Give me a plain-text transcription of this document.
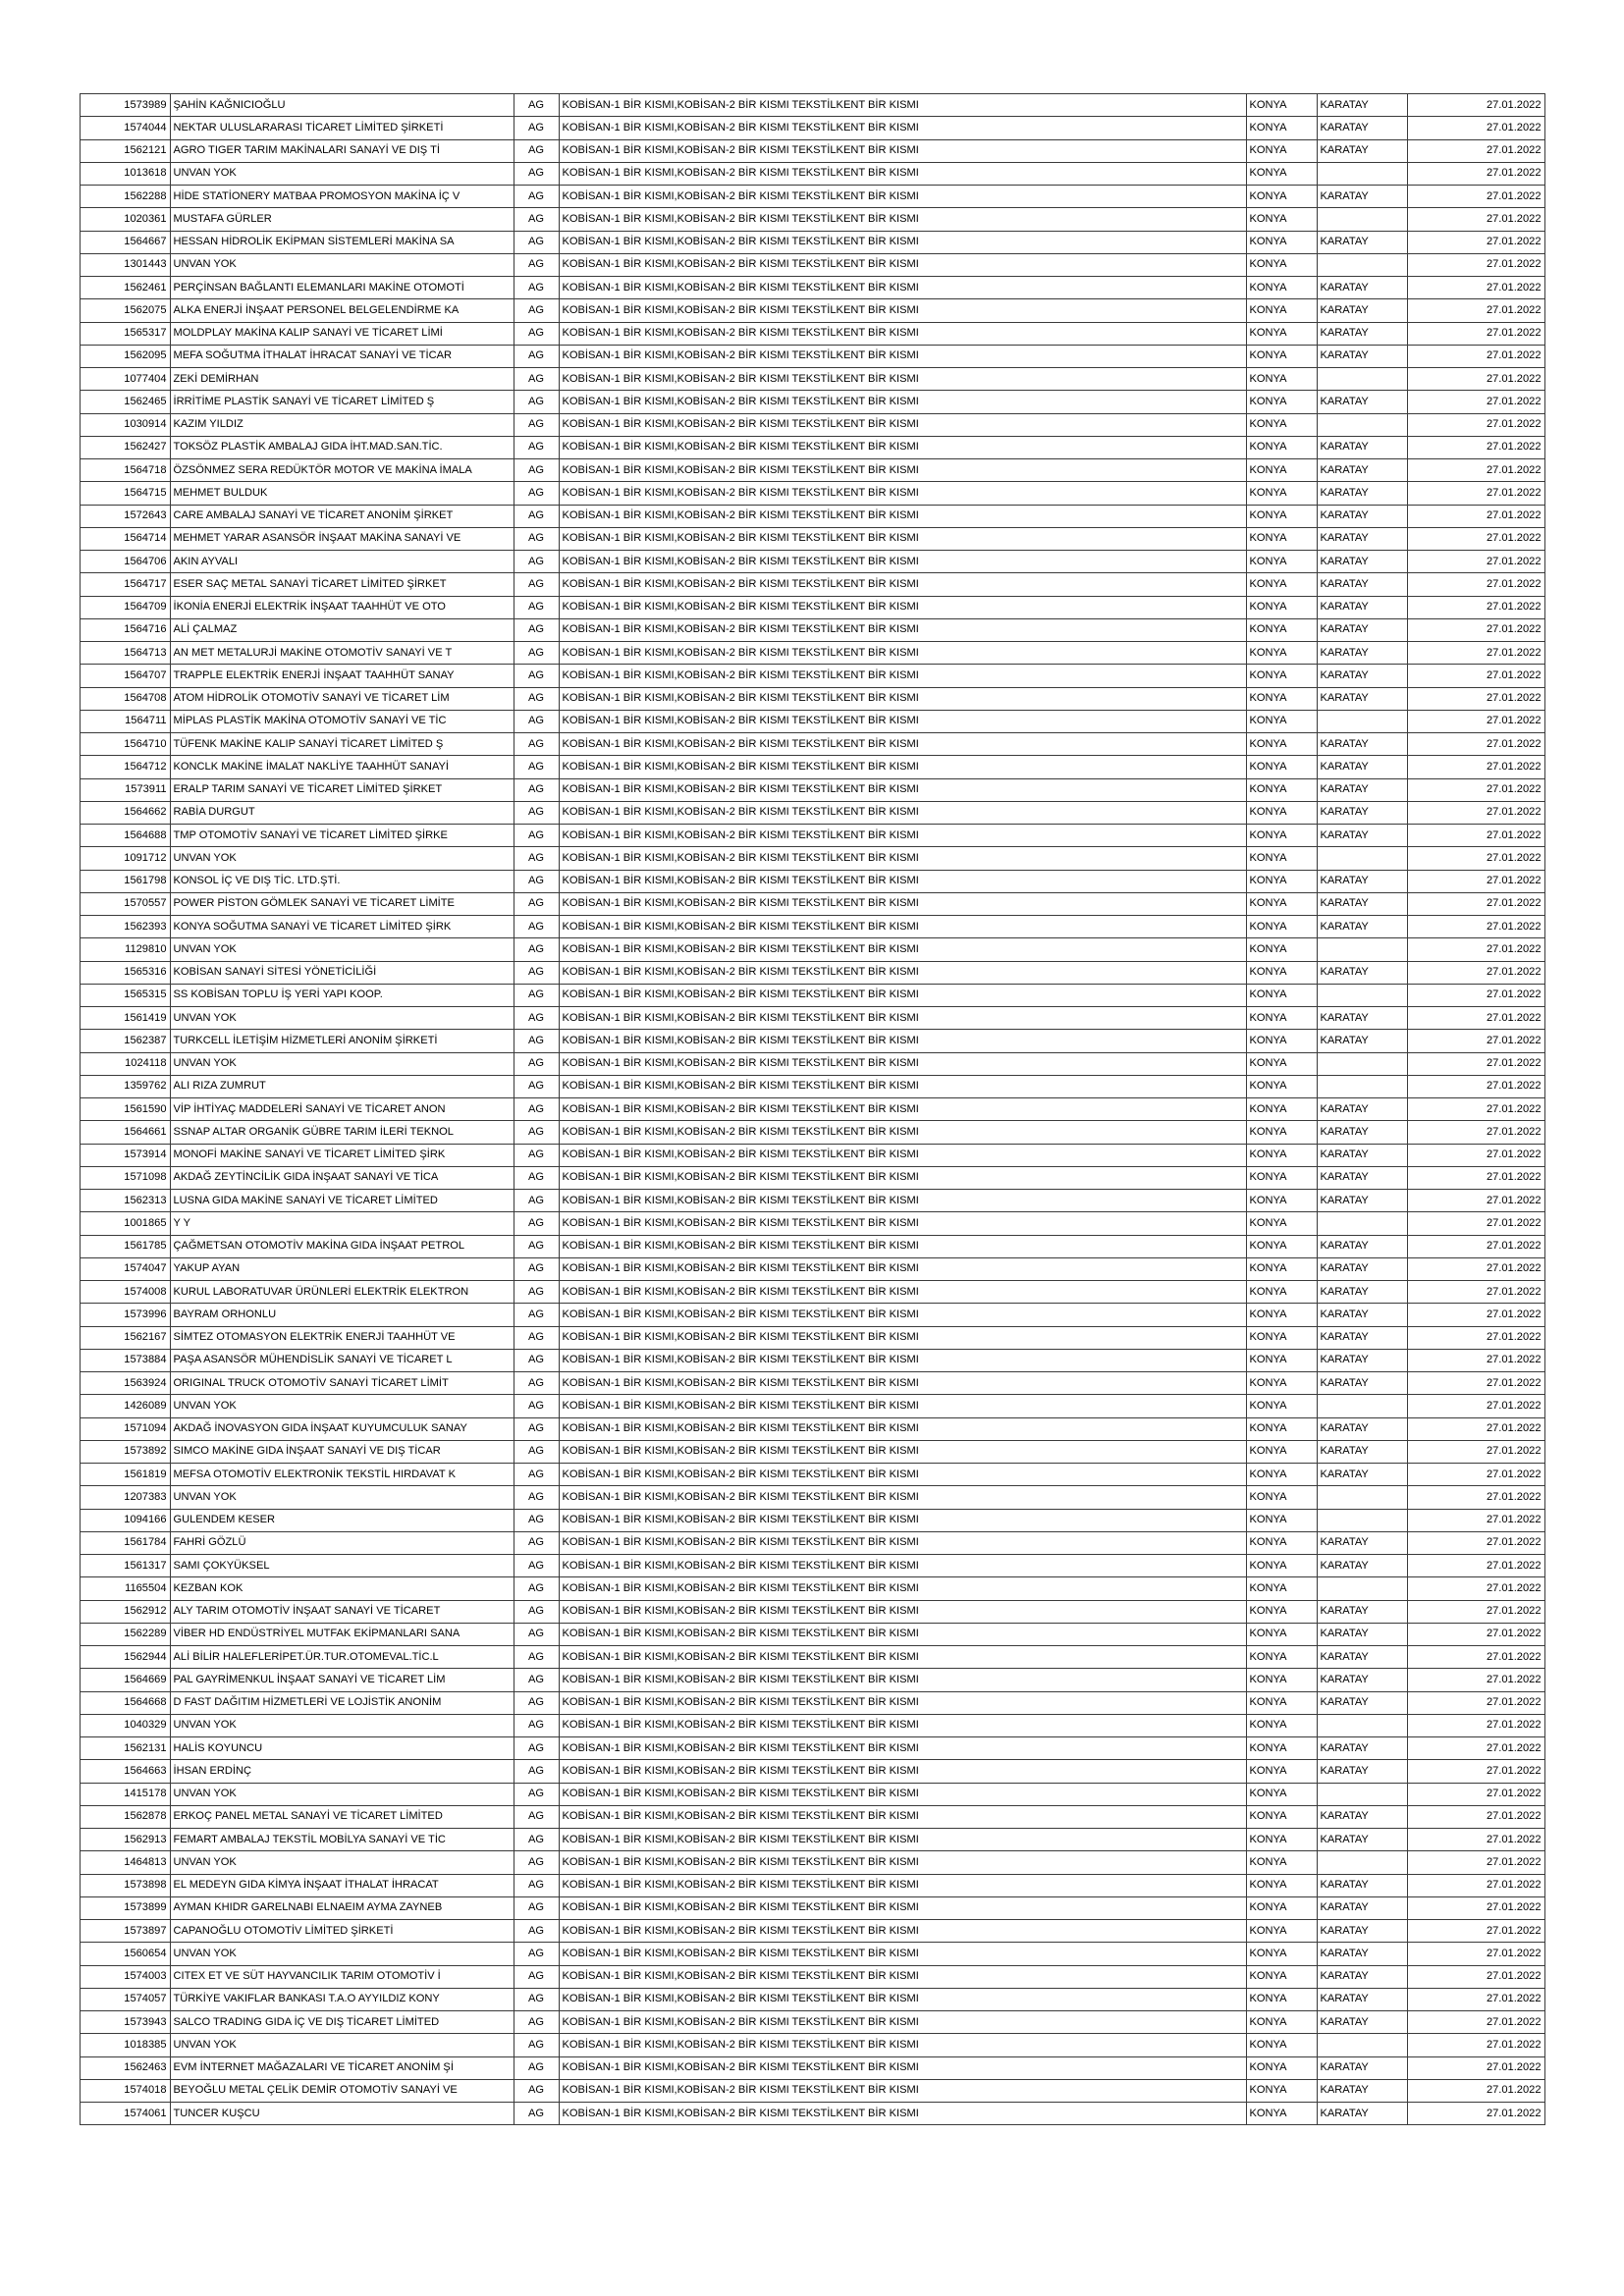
1573989	ŞAHİN KAĞNICIOĞLU	AG	KOBİSAN-1 BİR KISMI,KOBİSAN-2 BİR KISMI TEKSTİLKENT BİR KISMI	KONYA	KARATAY	27.01.2022
1574044	NEKTAR ULUSLARARASI TİCARET LİMİTED ŞİRKETİ	AG	KOBİSAN-1 BİR KISMI,KOBİSAN-2 BİR KISMI TEKSTİLKENT BİR KISMI	KONYA	KARATAY	27.01.2022
1562121	AGRO TIGER TARIM MAKİNALARI SANAYİ VE DIŞ Tİ	AG	KOBİSAN-1 BİR KISMI,KOBİSAN-2 BİR KISMI TEKSTİLKENT BİR KISMI	KONYA	KARATAY	27.01.2022
1013618	UNVAN YOK	AG	KOBİSAN-1 BİR KISMI,KOBİSAN-2 BİR KISMI TEKSTİLKENT BİR KISMI	KONYA		27.01.2022
1562288	HİDE STATİONERY MATBAA PROMOSYON MAKİNA İÇ V	AG	KOBİSAN-1 BİR KISMI,KOBİSAN-2 BİR KISMI TEKSTİLKENT BİR KISMI	KONYA	KARATAY	27.01.2022
1020361	MUSTAFA GÜRLER	AG	KOBİSAN-1 BİR KISMI,KOBİSAN-2 BİR KISMI TEKSTİLKENT BİR KISMI	KONYA		27.01.2022
1564667	HESSAN HİDROLİK EKİPMAN SİSTEMLERİ MAKİNA SA	AG	KOBİSAN-1 BİR KISMI,KOBİSAN-2 BİR KISMI TEKSTİLKENT BİR KISMI	KONYA	KARATAY	27.01.2022
1301443	UNVAN YOK	AG	KOBİSAN-1 BİR KISMI,KOBİSAN-2 BİR KISMI TEKSTİLKENT BİR KISMI	KONYA		27.01.2022
1562461	PERÇİNSAN BAĞLANTI ELEMANLARI MAKİNE OTOMOTİ	AG	KOBİSAN-1 BİR KISMI,KOBİSAN-2 BİR KISMI TEKSTİLKENT BİR KISMI	KONYA	KARATAY	27.01.2022
1562075	ALKA ENERJİ İNŞAAT PERSONEL BELGELENDİRME KA	AG	KOBİSAN-1 BİR KISMI,KOBİSAN-2 BİR KISMI TEKSTİLKENT BİR KISMI	KONYA	KARATAY	27.01.2022
1565317	MOLDPLAY MAKİNA KALIP SANAYİ VE TİCARET LİMİ	AG	KOBİSAN-1 BİR KISMI,KOBİSAN-2 BİR KISMI TEKSTİLKENT BİR KISMI	KONYA	KARATAY	27.01.2022
1562095	MEFA SOĞUTMA İTHALAT İHRACAT SANAYİ VE TİCAR	AG	KOBİSAN-1 BİR KISMI,KOBİSAN-2 BİR KISMI TEKSTİLKENT BİR KISMI	KONYA	KARATAY	27.01.2022
1077404	ZEKİ DEMİRHAN	AG	KOBİSAN-1 BİR KISMI,KOBİSAN-2 BİR KISMI TEKSTİLKENT BİR KISMI	KONYA		27.01.2022
1562465	İRRİTİME PLASTİK SANAYİ VE TİCARET LİMİTED Ş	AG	KOBİSAN-1 BİR KISMI,KOBİSAN-2 BİR KISMI TEKSTİLKENT BİR KISMI	KONYA	KARATAY	27.01.2022
1030914	KAZIM YILDIZ	AG	KOBİSAN-1 BİR KISMI,KOBİSAN-2 BİR KISMI TEKSTİLKENT BİR KISMI	KONYA		27.01.2022
1562427	TOKSÖZ PLASTİK AMBALAJ GIDA İHT.MAD.SAN.TİC.	AG	KOBİSAN-1 BİR KISMI,KOBİSAN-2 BİR KISMI TEKSTİLKENT BİR KISMI	KONYA	KARATAY	27.01.2022
1564718	ÖZSÖNMEZ SERA REDÜKTÖR MOTOR VE MAKİNA İMALA	AG	KOBİSAN-1 BİR KISMI,KOBİSAN-2 BİR KISMI TEKSTİLKENT BİR KISMI	KONYA	KARATAY	27.01.2022
1564715	MEHMET BULDUK	AG	KOBİSAN-1 BİR KISMI,KOBİSAN-2 BİR KISMI TEKSTİLKENT BİR KISMI	KONYA	KARATAY	27.01.2022
1572643	CARE AMBALAJ SANAYİ VE TİCARET ANONİM ŞİRKET	AG	KOBİSAN-1 BİR KISMI,KOBİSAN-2 BİR KISMI TEKSTİLKENT BİR KISMI	KONYA	KARATAY	27.01.2022
1564714	MEHMET YARAR ASANSÖR İNŞAAT MAKİNA SANAYİ VE	AG	KOBİSAN-1 BİR KISMI,KOBİSAN-2 BİR KISMI TEKSTİLKENT BİR KISMI	KONYA	KARATAY	27.01.2022
1564706	AKIN AYVALI	AG	KOBİSAN-1 BİR KISMI,KOBİSAN-2 BİR KISMI TEKSTİLKENT BİR KISMI	KONYA	KARATAY	27.01.2022
1564717	ESER SAÇ METAL SANAYİ TİCARET LİMİTED ŞİRKET	AG	KOBİSAN-1 BİR KISMI,KOBİSAN-2 BİR KISMI TEKSTİLKENT BİR KISMI	KONYA	KARATAY	27.01.2022
1564709	İKONİA ENERJİ ELEKTRİK İNŞAAT TAAHHÜT VE OTO	AG	KOBİSAN-1 BİR KISMI,KOBİSAN-2 BİR KISMI TEKSTİLKENT BİR KISMI	KONYA	KARATAY	27.01.2022
1564716	ALİ ÇALMAZ	AG	KOBİSAN-1 BİR KISMI,KOBİSAN-2 BİR KISMI TEKSTİLKENT BİR KISMI	KONYA	KARATAY	27.01.2022
1564713	AN MET METALURJİ MAKİNE OTOMOTİV SANAYİ VE T	AG	KOBİSAN-1 BİR KISMI,KOBİSAN-2 BİR KISMI TEKSTİLKENT BİR KISMI	KONYA	KARATAY	27.01.2022
1564707	TRAPPLE ELEKTRİK ENERJİ İNŞAAT TAAHHÜT SANAY	AG	KOBİSAN-1 BİR KISMI,KOBİSAN-2 BİR KISMI TEKSTİLKENT BİR KISMI	KONYA	KARATAY	27.01.2022
1564708	ATOM HİDROLİK OTOMOTİV SANAYİ VE TİCARET LİM	AG	KOBİSAN-1 BİR KISMI,KOBİSAN-2 BİR KISMI TEKSTİLKENT BİR KISMI	KONYA	KARATAY	27.01.2022
1564711	MİPLAS PLASTİK MAKİNA OTOMOTİV SANAYİ VE TİC	AG	KOBİSAN-1 BİR KISMI,KOBİSAN-2 BİR KISMI TEKSTİLKENT BİR KISMI	KONYA		27.01.2022
1564710	TÜFENK MAKİNE KALIP SANAYİ TİCARET LİMİTED Ş	AG	KOBİSAN-1 BİR KISMI,KOBİSAN-2 BİR KISMI TEKSTİLKENT BİR KISMI	KONYA	KARATAY	27.01.2022
1564712	KONCLK MAKİNE İMALAT NAKLİYE TAAHHÜT SANAYİ	AG	KOBİSAN-1 BİR KISMI,KOBİSAN-2 BİR KISMI TEKSTİLKENT BİR KISMI	KONYA	KARATAY	27.01.2022
1573911	ERALP TARIM SANAYİ VE TİCARET LİMİTED ŞİRKET	AG	KOBİSAN-1 BİR KISMI,KOBİSAN-2 BİR KISMI TEKSTİLKENT BİR KISMI	KONYA	KARATAY	27.01.2022
1564662	RABİA DURGUT	AG	KOBİSAN-1 BİR KISMI,KOBİSAN-2 BİR KISMI TEKSTİLKENT BİR KISMI	KONYA	KARATAY	27.01.2022
1564688	TMP OTOMOTİV SANAYİ VE TİCARET LİMİTED ŞİRKE	AG	KOBİSAN-1 BİR KISMI,KOBİSAN-2 BİR KISMI TEKSTİLKENT BİR KISMI	KONYA	KARATAY	27.01.2022
1091712	UNVAN YOK	AG	KOBİSAN-1 BİR KISMI,KOBİSAN-2 BİR KISMI TEKSTİLKENT BİR KISMI	KONYA		27.01.2022
1561798	KONSOL İÇ VE DIŞ TİC. LTD.ŞTİ.	AG	KOBİSAN-1 BİR KISMI,KOBİSAN-2 BİR KISMI TEKSTİLKENT BİR KISMI	KONYA	KARATAY	27.01.2022
1570557	POWER PİSTON GÖMLEK SANAYİ VE TİCARET LİMİTE	AG	KOBİSAN-1 BİR KISMI,KOBİSAN-2 BİR KISMI TEKSTİLKENT BİR KISMI	KONYA	KARATAY	27.01.2022
1562393	KONYA SOĞUTMA SANAYİ VE TİCARET LİMİTED ŞİRK	AG	KOBİSAN-1 BİR KISMI,KOBİSAN-2 BİR KISMI TEKSTİLKENT BİR KISMI	KONYA	KARATAY	27.01.2022
1129810	UNVAN YOK	AG	KOBİSAN-1 BİR KISMI,KOBİSAN-2 BİR KISMI TEKSTİLKENT BİR KISMI	KONYA		27.01.2022
1565316	KOBİSAN SANAYİ SİTESİ YÖNETİCİLİĞİ	AG	KOBİSAN-1 BİR KISMI,KOBİSAN-2 BİR KISMI TEKSTİLKENT BİR KISMI	KONYA	KARATAY	27.01.2022
1565315	SS KOBİSAN TOPLU İŞ YERİ YAPI KOOP.	AG	KOBİSAN-1 BİR KISMI,KOBİSAN-2 BİR KISMI TEKSTİLKENT BİR KISMI	KONYA		27.01.2022
1561419	UNVAN YOK	AG	KOBİSAN-1 BİR KISMI,KOBİSAN-2 BİR KISMI TEKSTİLKENT BİR KISMI	KONYA	KARATAY	27.01.2022
1562387	TURKCELL İLETİŞİM HİZMETLERİ ANONİM ŞİRKETİ	AG	KOBİSAN-1 BİR KISMI,KOBİSAN-2 BİR KISMI TEKSTİLKENT BİR KISMI	KONYA	KARATAY	27.01.2022
1024118	UNVAN YOK	AG	KOBİSAN-1 BİR KISMI,KOBİSAN-2 BİR KISMI TEKSTİLKENT BİR KISMI	KONYA		27.01.2022
1359762	ALI RIZA ZUMRUT	AG	KOBİSAN-1 BİR KISMI,KOBİSAN-2 BİR KISMI TEKSTİLKENT BİR KISMI	KONYA		27.01.2022
1561590	VİP İHTİYAÇ MADDELERİ SANAYİ VE TİCARET ANON	AG	KOBİSAN-1 BİR KISMI,KOBİSAN-2 BİR KISMI TEKSTİLKENT BİR KISMI	KONYA	KARATAY	27.01.2022
1564661	SSNAP ALTAR ORGANİK GÜBRE TARIM İLERİ TEKNOL	AG	KOBİSAN-1 BİR KISMI,KOBİSAN-2 BİR KISMI TEKSTİLKENT BİR KISMI	KONYA	KARATAY	27.01.2022
1573914	MONOFİ MAKİNE SANAYİ VE TİCARET LİMİTED ŞİRK	AG	KOBİSAN-1 BİR KISMI,KOBİSAN-2 BİR KISMI TEKSTİLKENT BİR KISMI	KONYA	KARATAY	27.01.2022
1571098	AKDAĞ ZEYTİNCİLİK GIDA İNŞAAT SANAYİ VE TİCA	AG	KOBİSAN-1 BİR KISMI,KOBİSAN-2 BİR KISMI TEKSTİLKENT BİR KISMI	KONYA	KARATAY	27.01.2022
1562313	LUSNA GIDA MAKİNE SANAYİ VE TİCARET LİMİTED	AG	KOBİSAN-1 BİR KISMI,KOBİSAN-2 BİR KISMI TEKSTİLKENT BİR KISMI	KONYA	KARATAY	27.01.2022
1001865	Y Y	AG	KOBİSAN-1 BİR KISMI,KOBİSAN-2 BİR KISMI TEKSTİLKENT BİR KISMI	KONYA		27.01.2022
1561785	ÇAĞMETSAN OTOMOTİV MAKİNA GIDA İNŞAAT PETROL	AG	KOBİSAN-1 BİR KISMI,KOBİSAN-2 BİR KISMI TEKSTİLKENT BİR KISMI	KONYA	KARATAY	27.01.2022
1574047	YAKUP AYAN	AG	KOBİSAN-1 BİR KISMI,KOBİSAN-2 BİR KISMI TEKSTİLKENT BİR KISMI	KONYA	KARATAY	27.01.2022
1574008	KURUL LABORATUVAR ÜRÜNLERİ ELEKTRİK ELEKTRON	AG	KOBİSAN-1 BİR KISMI,KOBİSAN-2 BİR KISMI TEKSTİLKENT BİR KISMI	KONYA	KARATAY	27.01.2022
1573996	BAYRAM ORHONLU	AG	KOBİSAN-1 BİR KISMI,KOBİSAN-2 BİR KISMI TEKSTİLKENT BİR KISMI	KONYA	KARATAY	27.01.2022
1562167	SİMTEZ OTOMASYON ELEKTRİK ENERJİ TAAHHÜT VE	AG	KOBİSAN-1 BİR KISMI,KOBİSAN-2 BİR KISMI TEKSTİLKENT BİR KISMI	KONYA	KARATAY	27.01.2022
1573884	PAŞA ASANSÖR MÜHENDİSLİK SANAYİ VE TİCARET L	AG	KOBİSAN-1 BİR KISMI,KOBİSAN-2 BİR KISMI TEKSTİLKENT BİR KISMI	KONYA	KARATAY	27.01.2022
1563924	ORIGINAL TRUCK OTOMOTİV SANAYİ TİCARET LİMİT	AG	KOBİSAN-1 BİR KISMI,KOBİSAN-2 BİR KISMI TEKSTİLKENT BİR KISMI	KONYA	KARATAY	27.01.2022
1426089	UNVAN YOK	AG	KOBİSAN-1 BİR KISMI,KOBİSAN-2 BİR KISMI TEKSTİLKENT BİR KISMI	KONYA		27.01.2022
1571094	AKDAĞ İNOVASYON GIDA İNŞAAT KUYUMCULUK SANAY	AG	KOBİSAN-1 BİR KISMI,KOBİSAN-2 BİR KISMI TEKSTİLKENT BİR KISMI	KONYA	KARATAY	27.01.2022
1573892	SIMCO MAKİNE GIDA İNŞAAT SANAYİ VE DIŞ TİCAR	AG	KOBİSAN-1 BİR KISMI,KOBİSAN-2 BİR KISMI TEKSTİLKENT BİR KISMI	KONYA	KARATAY	27.01.2022
1561819	MEFSA OTOMOTİV ELEKTRONİK TEKSTİL HIRDAVAT K	AG	KOBİSAN-1 BİR KISMI,KOBİSAN-2 BİR KISMI TEKSTİLKENT BİR KISMI	KONYA	KARATAY	27.01.2022
1207383	UNVAN YOK	AG	KOBİSAN-1 BİR KISMI,KOBİSAN-2 BİR KISMI TEKSTİLKENT BİR KISMI	KONYA		27.01.2022
1094166	GULENDEM KESER	AG	KOBİSAN-1 BİR KISMI,KOBİSAN-2 BİR KISMI TEKSTİLKENT BİR KISMI	KONYA		27.01.2022
1561784	FAHRİ GÖZLÜ	AG	KOBİSAN-1 BİR KISMI,KOBİSAN-2 BİR KISMI TEKSTİLKENT BİR KISMI	KONYA	KARATAY	27.01.2022
1561317	SAMI ÇOKYÜKSEL	AG	KOBİSAN-1 BİR KISMI,KOBİSAN-2 BİR KISMI TEKSTİLKENT BİR KISMI	KONYA	KARATAY	27.01.2022
1165504	KEZBAN KOK	AG	KOBİSAN-1 BİR KISMI,KOBİSAN-2 BİR KISMI TEKSTİLKENT BİR KISMI	KONYA		27.01.2022
1562912	ALY TARIM OTOMOTİV İNŞAAT SANAYİ VE TİCARET	AG	KOBİSAN-1 BİR KISMI,KOBİSAN-2 BİR KISMI TEKSTİLKENT BİR KISMI	KONYA	KARATAY	27.01.2022
1562289	VİBER HD ENDÜSTRİYEL MUTFAK EKİPMANLARI SANA	AG	KOBİSAN-1 BİR KISMI,KOBİSAN-2 BİR KISMI TEKSTİLKENT BİR KISMI	KONYA	KARATAY	27.01.2022
1562944	ALİ BİLİR HALEFLERİPET.ÜR.TUR.OTOMEVAL.TİC.L	AG	KOBİSAN-1 BİR KISMI,KOBİSAN-2 BİR KISMI TEKSTİLKENT BİR KISMI	KONYA	KARATAY	27.01.2022
1564669	PAL GAYRİMENKUL İNŞAAT SANAYİ VE TİCARET LİM	AG	KOBİSAN-1 BİR KISMI,KOBİSAN-2 BİR KISMI TEKSTİLKENT BİR KISMI	KONYA	KARATAY	27.01.2022
1564668	D FAST DAĞITIM HİZMETLERİ VE LOJİSTİK ANONİM	AG	KOBİSAN-1 BİR KISMI,KOBİSAN-2 BİR KISMI TEKSTİLKENT BİR KISMI	KONYA	KARATAY	27.01.2022
1040329	UNVAN YOK	AG	KOBİSAN-1 BİR KISMI,KOBİSAN-2 BİR KISMI TEKSTİLKENT BİR KISMI	KONYA		27.01.2022
1562131	HALİS KOYUNCU	AG	KOBİSAN-1 BİR KISMI,KOBİSAN-2 BİR KISMI TEKSTİLKENT BİR KISMI	KONYA	KARATAY	27.01.2022
1564663	İHSAN ERDİNÇ	AG	KOBİSAN-1 BİR KISMI,KOBİSAN-2 BİR KISMI TEKSTİLKENT BİR KISMI	KONYA	KARATAY	27.01.2022
1415178	UNVAN YOK	AG	KOBİSAN-1 BİR KISMI,KOBİSAN-2 BİR KISMI TEKSTİLKENT BİR KISMI	KONYA		27.01.2022
1562878	ERKOÇ PANEL METAL SANAYİ VE TİCARET LİMİTED	AG	KOBİSAN-1 BİR KISMI,KOBİSAN-2 BİR KISMI TEKSTİLKENT BİR KISMI	KONYA	KARATAY	27.01.2022
1562913	FEMART AMBALAJ TEKSTİL MOBİLYA SANAYİ VE TİC	AG	KOBİSAN-1 BİR KISMI,KOBİSAN-2 BİR KISMI TEKSTİLKENT BİR KISMI	KONYA	KARATAY	27.01.2022
1464813	UNVAN YOK	AG	KOBİSAN-1 BİR KISMI,KOBİSAN-2 BİR KISMI TEKSTİLKENT BİR KISMI	KONYA		27.01.2022
1573898	EL MEDEYN GIDA KİMYA İNŞAAT İTHALAT İHRACAT	AG	KOBİSAN-1 BİR KISMI,KOBİSAN-2 BİR KISMI TEKSTİLKENT BİR KISMI	KONYA	KARATAY	27.01.2022
1573899	AYMAN KHIDR GARELNABI ELNAEIM AYMA ZAYNEB	AG	KOBİSAN-1 BİR KISMI,KOBİSAN-2 BİR KISMI TEKSTİLKENT BİR KISMI	KONYA	KARATAY	27.01.2022
1573897	CAPANOĞLU OTOMOTİV LİMİTED ŞİRKETİ	AG	KOBİSAN-1 BİR KISMI,KOBİSAN-2 BİR KISMI TEKSTİLKENT BİR KISMI	KONYA	KARATAY	27.01.2022
1560654	UNVAN YOK	AG	KOBİSAN-1 BİR KISMI,KOBİSAN-2 BİR KISMI TEKSTİLKENT BİR KISMI	KONYA	KARATAY	27.01.2022
1574003	CITEX ET VE SÜT HAYVANCILIK TARIM OTOMOTİV İ	AG	KOBİSAN-1 BİR KISMI,KOBİSAN-2 BİR KISMI TEKSTİLKENT BİR KISMI	KONYA	KARATAY	27.01.2022
1574057	TÜRKİYE VAKIFLAR BANKASI T.A.O AYYILDIZ KONY	AG	KOBİSAN-1 BİR KISMI,KOBİSAN-2 BİR KISMI TEKSTİLKENT BİR KISMI	KONYA	KARATAY	27.01.2022
1573943	SALCO TRADING GIDA İÇ VE DIŞ TİCARET LİMİTED	AG	KOBİSAN-1 BİR KISMI,KOBİSAN-2 BİR KISMI TEKSTİLKENT BİR KISMI	KONYA	KARATAY	27.01.2022
1018385	UNVAN YOK	AG	KOBİSAN-1 BİR KISMI,KOBİSAN-2 BİR KISMI TEKSTİLKENT BİR KISMI	KONYA		27.01.2022
1562463	EVM İNTERNET MAĞAZALARI VE TİCARET ANONİM Şİ	AG	KOBİSAN-1 BİR KISMI,KOBİSAN-2 BİR KISMI TEKSTİLKENT BİR KISMI	KONYA	KARATAY	27.01.2022
1574018	BEYOĞLU METAL ÇELİK DEMİR OTOMOTİV SANAYİ VE	AG	KOBİSAN-1 BİR KISMI,KOBİSAN-2 BİR KISMI TEKSTİLKENT BİR KISMI	KONYA	KARATAY	27.01.2022
1574061	TUNCER KUŞCU	AG	KOBİSAN-1 BİR KISMI,KOBİSAN-2 BİR KISMI TEKSTİLKENT BİR KISMI	KONYA	KARATAY	27.01.2022
